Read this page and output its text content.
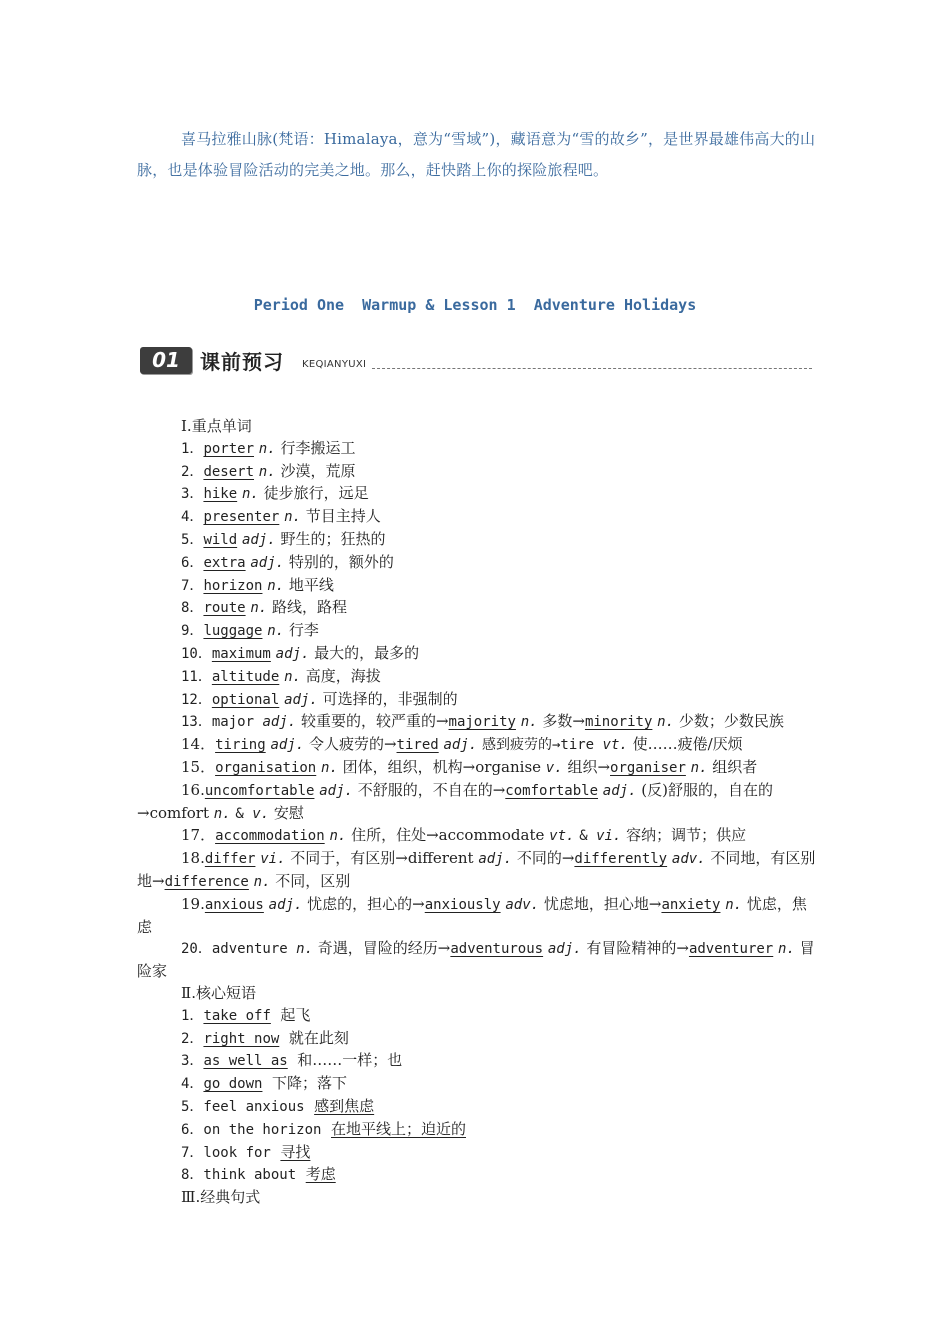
喜马拉雅山脉(梵语：Himalaya，意为“雪域”)，藏语意为“雪的故乡”，是世界最雄伟高大的山脉，也是体验冒险活动的完美之地。那么，赶快踏上你的探险旅程吧。
Period One  Warmup & Lesson 1  Adventure Holidays
01	课前预习 KEQIANYUXI

Ⅰ.重点单词

1．porter n. 行李搬运工

2．desert n. 沙漠，荒原

3．hike n. 徒步旅行，远足

4．presenter n. 节目主持人

5．wild adj. 野生的；狂热的

6．extra adj. 特别的，额外的

7．horizon n. 地平线

8．route n. 路线，路程

9．luggage n. 行李

10．maximum adj. 最大的，最多的

11．altitude n. 高度，海拔

12．optional adj. 可选择的，非强制的

13．major adj. 较重要的，较严重的→majority n. 多数→minority n. 少数；少数民族

14．tiring adj. 令人疲劳的→tired adj. 感到疲劳的→tire vt. 使……疲倦/厌烦

15．organisation n. 团体，组织，机构→organise v. 组织→organiser n. 组织者

16.uncomfortable adj. 不舒服的，不自在的→comfortable adj. (反)舒服的，自在的→comfort n. & v. 安慰

17．accommodation n. 住所，住处→accommodate vt. & vi. 容纳；调节；供应

18.differ vi. 不同于，有区别→different adj. 不同的→differently adv. 不同地，有区别地→difference n. 不同，区别

19.anxious adj. 忧虑的，担心的→anxiously adv. 忧虑地，担心地→anxiety n. 忧虑，焦虑

20．adventure n. 奇遇，冒险的经历→adventurous adj. 有冒险精神的→adventurer n. 冒险家

Ⅱ.核心短语

1．take off 起飞

2．right now 就在此刻

3．as well as 和……一样；也

4．go down 下降；落下

5．feel anxious 感到焦虑

6．on the horizon 在地平线上；迫近的

7．look for 寻找

8．think about 考虑

Ⅲ.经典句式
